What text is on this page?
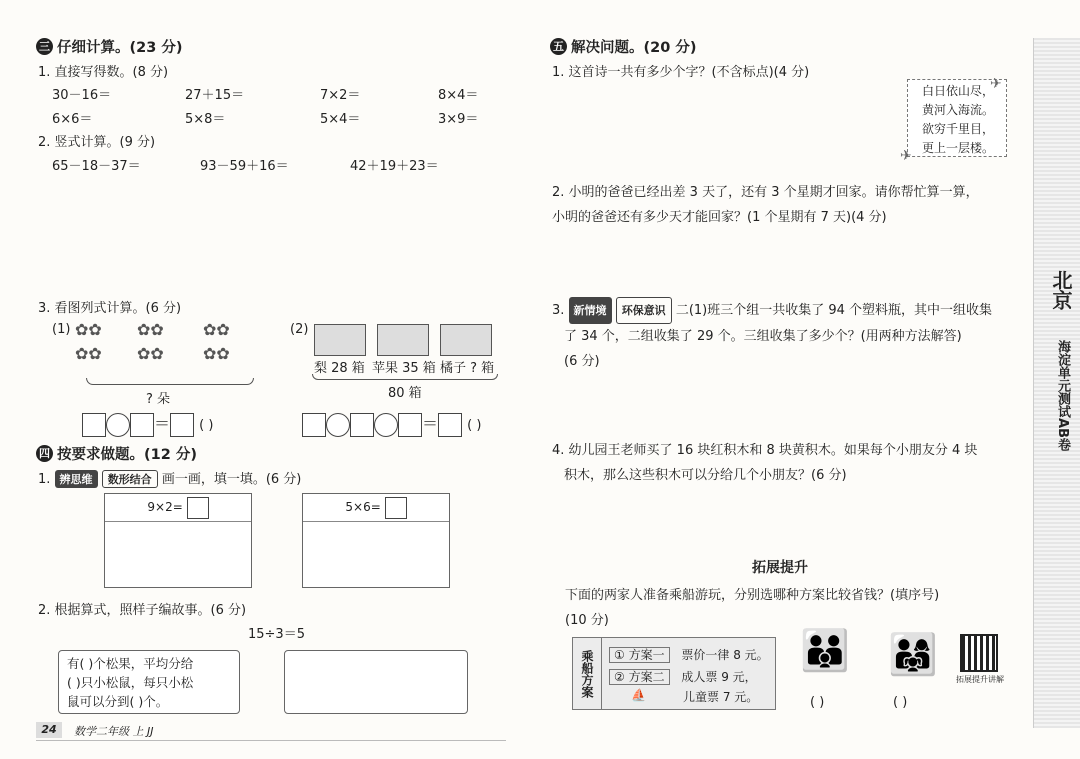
三 仔细计算。(23 分)
1. 直接写得数。(8 分)
30－16＝	27＋15＝	7×2＝	8×4＝
6×6＝	5×8＝	5×4＝	3×9＝
2. 竖式计算。(9 分)
65－18－37＝	93－59＋16＝	42＋19＋23＝
3. 看图列式计算。(6 分)
(1) ✿✿
✿✿
✿✿
✿✿
✿✿
✿✿
? 朵
＝ ( )
(2)
梨 28 箱 苹果 35 箱 橘子 ? 箱
80 箱
＝ ( )
四 按要求做题。(12 分)
1. 辨思维 数形结合 画一画，填一填。(6 分)
9×2=	5×6=
2. 根据算式，照样子编故事。(6 分)
15÷3＝5
有( )个松果，平均分给
( )只小松鼠，每只小松
鼠可以分到( )个。
24	数学二年级 上 JJ
五 解决问题。(20 分)
1. 这首诗一共有多少个字？(不含标点)(4 分)
白日依山尽，
黄河入海流。
欲穷千里目，
更上一层楼。
✈
✈
2. 小明的爸爸已经出差 3 天了，还有 3 个星期才回家。请你帮忙算一算，
小明的爸爸还有多少天才能回家？(1 个星期有 7 天)(4 分)
3. 新情境 环保意识 二(1)班三个组一共收集了 94 个塑料瓶，其中一组收集
了 34 个，二组收集了 29 个。三组收集了多少个？(用两种方法解答)
(6 分)
4. 幼儿园王老师买了 16 块红积木和 8 块黄积木。如果每个小朋友分 4 块
积木，那么这些积木可以分给几个小朋友？(6 分)
拓展提升
下面的两家人准备乘船游玩，分别选哪种方案比较省钱？(填序号)
(10 分)
乘船方案	① 方案一 票价一律 8 元。
② 方案二 成人票 9 元，
儿童票 7 元。
⛵
👪 👨‍👩‍👧
( )	( )
拓展提升讲解
北京
海淀单元测试AB卷
